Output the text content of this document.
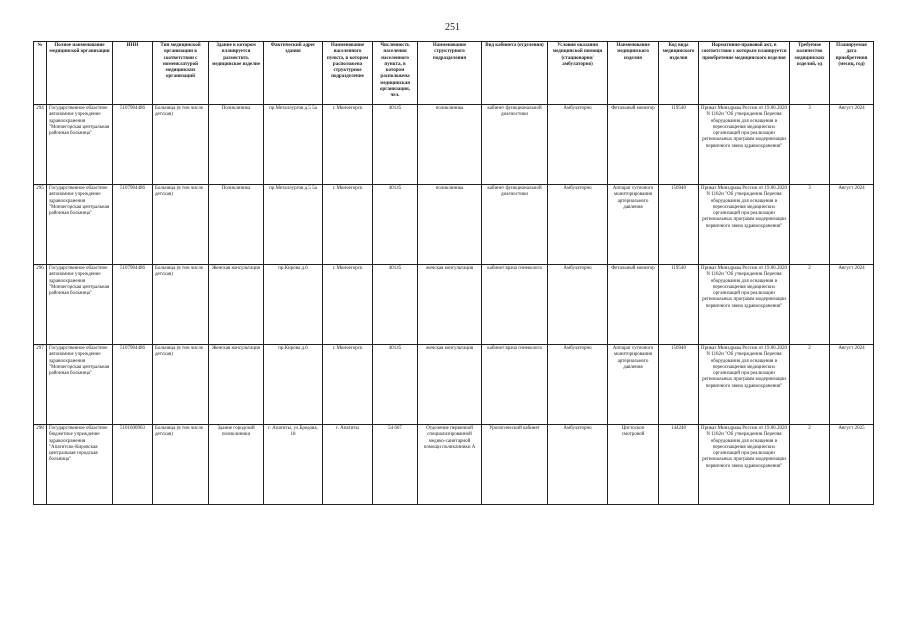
251
№	Полное наименование медицинской организации	ИНН	Тип медицинской организации в соответствии с номенклатурой медицинских организаций	Здание в котором планируется разместить медицинское изделие	Фактический адрес здания	Наименование населенного пункта, в котором расположена структурное подразделение	Численность населения населенного пункта, в котором расположена медицинская организация, чел.	Наименование структурного подразделения	Вид кабинета (отделения)	Условия оказания медицинской помощи (стационарно/амбулаторно)	Наименование медицинского изделия	Код вида медицинского изделия	Нормативно-правовой акт, в соответствии с которым планируется приобретение медицинского изделия	Требуемое количество медицинских изделий, ед	Планируемая дата приобретения (месяц, год)
294	Государственное областное автономное учреждение здравоохранения "Мончегорская центральная районная больница"	5107904486	Больница (в том числе детская)	Поликлиника	пр.Металлургов д.5 5а	г. Мончегорск	40145	поликлиника	кабинет функциональной диагностики	Амбулаторно	Фетальный монитор	119540	Приказ Минздрава России от 19.06.2020 N 1182н "Об утверждении Перечня оборудования для оснащения и переоснащения медицинских организаций при реализации региональных программ модернизации первичного звена здравоохранения"	3	Август 2024
295	Государственное областное автономное учреждение здравоохранения "Мончегорская центральная районная больница"	5107904486	Больница (в том числе детская)	Поликлиника	пр.Металлургов д.5 5а	г. Мончегорск	40145	поликлиника	кабинет функциональной диагностики	Амбулаторно	Аппарат суточного мониторирования артериального давления	156940	Приказ Минздрава России от 19.06.2020 N 1182н "Об утверждении Перечня оборудования для оснащения и переоснащения медицинских организаций при реализации региональных программ модернизации первичного звена здравоохранения"	3	Август 2024
296	Государственное областное автономное учреждение здравоохранения "Мончегорская центральная районная больница"	5107904486	Больница (в том числе детская)	Женская консультация	пр.Кирова д.6	г. Мончегорск	40145	женская консультация	кабинет врача гинеколога	Амбулаторно	Фетальный монитор	119540	Приказ Минздрава России от 19.06.2020 N 1182н "Об утверждении Перечня оборудования для оснащения и переоснащения медицинских организаций при реализации региональных программ модернизации первичного звена здравоохранения"	2	Август 2024
297	Государственное областное автономное учреждение здравоохранения "Мончегорская центральная районная больница"	5107904486	Больница (в том числе детская)	Женская консультация	пр.Кирова д.6	г. Мончегорск	40145	женская консультация	кабинет врача гинеколога	Амбулаторно	Аппарат суточного мониторирования артериального давления	156940	Приказ Минздрава России от 19.06.2020 N 1182н "Об утверждении Перечня оборудования для оснащения и переоснащения медицинских организаций при реализации региональных программ модернизации первичного звена здравоохранения"	2	Август 2024
298	Государственное областное бюджетное учреждение здравоохранения "Апатитско-Кировская центральная городская больница"	5101600963	Больница (в том числе детская)	Здание городской поликлиники	г. Апатиты, ул.Бредова, 18	г. Апатиты	54 667	Отделение первичной специализированной медико-санитарной помощи поликлиники А	Урологический кабинет	Амбулаторно	Цистоскоп смотровой	144240	Приказ Минздрава России от 19.06.2020 N 1182н "Об утверждении Перечня оборудования для оснащения и переоснащения медицинских организаций при реализации региональных программ модернизации первичного звена здравоохранения"	2	Август 2025
